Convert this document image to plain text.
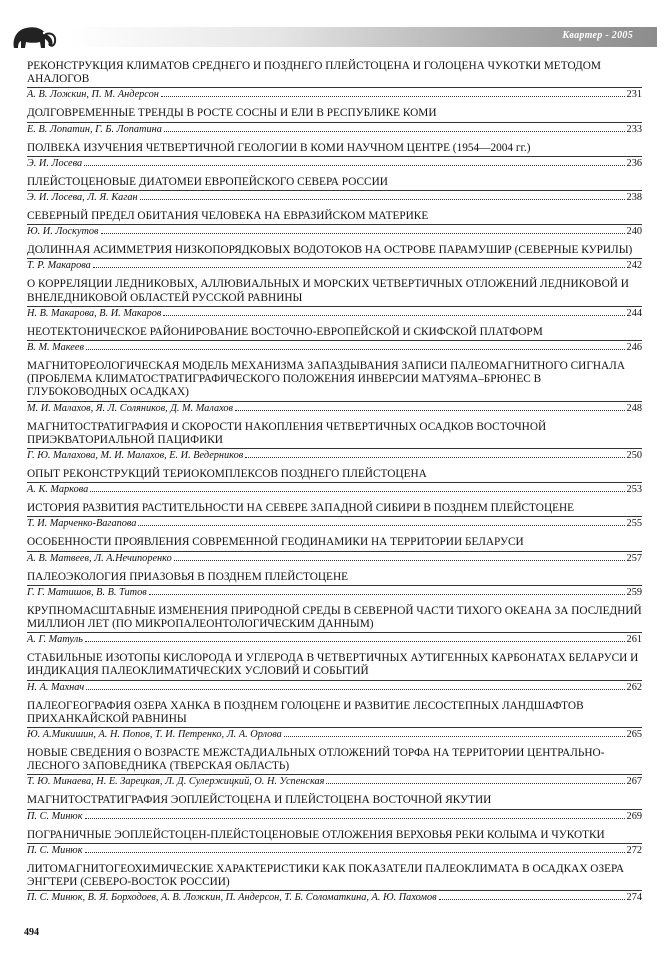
Квартер - 2005
РЕКОНСТРУКЦИЯ КЛИМАТОВ СРЕДНЕГО И ПОЗДНЕГО ПЛЕЙСТОЦЕНА И ГОЛОЦЕНА ЧУКОТКИ МЕТОДОМ АНАЛОГОВ
А. В. Ложкин, П. М. Андерсон	231
ДОЛГОВРЕМЕННЫЕ ТРЕНДЫ В РОСТЕ СОСНЫ И ЕЛИ В РЕСПУБЛИКЕ КОМИ
Е. В. Лопатин, Г. Б. Лопатина	233
ПОЛВЕКА ИЗУЧЕНИЯ ЧЕТВЕРТИЧНОЙ ГЕОЛОГИИ В КОМИ НАУЧНОМ ЦЕНТРЕ (1954—2004 гг.)
Э. И. Лосева	236
ПЛЕЙСТОЦЕНОВЫЕ ДИАТОМЕИ ЕВРОПЕЙСКОГО СЕВЕРА РОССИИ
Э. И. Лосева, Л. Я. Каган	238
СЕВЕРНЫЙ ПРЕДЕЛ ОБИТАНИЯ ЧЕЛОВЕКА НА ЕВРАЗИЙСКОМ МАТЕРИКЕ
Ю. И. Лоскутов	240
ДОЛИННАЯ АСИММЕТРИЯ НИЗКОПОРЯДКОВЫХ ВОДОТОКОВ НА ОСТРОВЕ ПАРАМУШИР (СЕВЕРНЫЕ КУРИЛЫ)
Т. Р. Макарова	242
О КОРРЕЛЯЦИИ ЛЕДНИКОВЫХ, АЛЛЮВИАЛЬНЫХ И МОРСКИХ ЧЕТВЕРТИЧНЫХ ОТЛОЖЕНИЙ ЛЕДНИКОВОЙ И ВНЕЛЕДНИКОВОЙ ОБЛАСТЕЙ РУССКОЙ РАВНИНЫ
Н. В. Макарова, В. И. Макаров	244
НЕОТЕКТОНИЧЕСКОЕ РАЙОНИРОВАНИЕ ВОСТОЧНО-ЕВРОПЕЙСКОЙ И СКИФСКОЙ ПЛАТФОРМ
В. М. Макеев	246
МАГНИТОРЕОЛОГИЧЕСКАЯ МОДЕЛЬ МЕХАНИЗМА ЗАПАЗДЫВАНИЯ ЗАПИСИ ПАЛЕОМАГНИТНОГО СИГНАЛА (ПРОБЛЕМА КЛИМАТОСТРАТИГРАФИЧЕСКОГО ПОЛОЖЕНИЯ ИНВЕРСИИ МАТУЯМА–БРЮНЕС В ГЛУБОКОВОДНЫХ ОСАДКАХ)
М. И. Малахов, Я. Л. Соляников, Д. М. Малахов	248
МАГНИТОСТРАТИГРАФИЯ И СКОРОСТИ НАКОПЛЕНИЯ ЧЕТВЕРТИЧНЫХ ОСАДКОВ ВОСТОЧНОЙ ПРИЭКВАТОРИАЛЬНОЙ ПАЦИФИКИ
Г. Ю. Малахова, М. И. Малахов, Е. И. Ведерников	250
ОПЫТ РЕКОНСТРУКЦИЙ ТЕРИОКОМПЛЕКСОВ ПОЗДНЕГО ПЛЕЙСТОЦЕНА
А. К. Маркова	253
ИСТОРИЯ РАЗВИТИЯ РАСТИТЕЛЬНОСТИ НА СЕВЕРЕ ЗАПАДНОЙ СИБИРИ В ПОЗДНЕМ ПЛЕЙСТОЦЕНЕ
Т. И. Марченко-Вагапова	255
ОСОБЕННОСТИ ПРОЯВЛЕНИЯ СОВРЕМЕННОЙ ГЕОДИНАМИКИ НА ТЕРРИТОРИИ БЕЛАРУСИ
А. В. Матвеев, Л. А.Нечипоренко	257
ПАЛЕОЭКОЛОГИЯ ПРИАЗОВЬЯ В ПОЗДНЕМ ПЛЕЙСТОЦЕНЕ
Г. Г. Матишов, В. В. Титов	259
КРУПНОМАСШТАБНЫЕ ИЗМЕНЕНИЯ ПРИРОДНОЙ СРЕДЫ В СЕВЕРНОЙ ЧАСТИ ТИХОГО ОКЕАНА ЗА ПОСЛЕДНИЙ МИЛЛИОН ЛЕТ (ПО МИКРОПАЛЕОНТОЛОГИЧЕСКИМ ДАННЫМ)
А. Г. Матуль	261
СТАБИЛЬНЫЕ ИЗОТОПЫ КИСЛОРОДА И УГЛЕРОДА В ЧЕТВЕРТИЧНЫХ АУТИГЕННЫХ КАРБОНАТАХ БЕЛАРУСИ И ИНДИКАЦИЯ ПАЛЕОКЛИМАТИЧЕСКИХ УСЛОВИЙ И СОБЫТИЙ
Н. А. Махнач	262
ПАЛЕОГЕОГРАФИЯ ОЗЕРА ХАНКА В ПОЗДНЕМ ГОЛОЦЕНЕ И РАЗВИТИЕ ЛЕСОСТЕПНЫХ ЛАНДШАФТОВ ПРИХАНКАЙСКОЙ РАВНИНЫ
Ю. А.Микишин, А. Н. Попов, Т. И. Петренко, Л. А. Орлова	265
НОВЫЕ СВЕДЕНИЯ О ВОЗРАСТЕ МЕЖСТАДИАЛЬНЫХ ОТЛОЖЕНИЙ ТОРФА НА ТЕРРИТОРИИ ЦЕНТРАЛЬНО-ЛЕСНОГО ЗАПОВЕДНИКА (ТВЕРСКАЯ ОБЛАСТЬ)
Т. Ю. Минаева, Н. Е. Зарецкая, Л. Д. Сулержицкий, О. Н. Успенская	267
МАГНИТОСТРАТИГРАФИЯ ЭОПЛЕЙСТОЦЕНА И ПЛЕЙСТОЦЕНА ВОСТОЧНОЙ ЯКУТИИ
П. С. Минюк	269
ПОГРАНИЧНЫЕ ЭОПЛЕЙСТОЦЕН-ПЛЕЙСТОЦЕНОВЫЕ ОТЛОЖЕНИЯ ВЕРХОВЬЯ РЕКИ КОЛЫМА И ЧУКОТКИ
П. С. Минюк	272
ЛИТОМАГНИТОГЕОХИМИЧЕСКИЕ ХАРАКТЕРИСТИКИ КАК ПОКАЗАТЕЛИ ПАЛЕОКЛИМАТА В ОСАДКАХ ОЗЕРА ЭНГТЕРИ (СЕВЕРО-ВОСТОК РОССИИ)
П. С. Минюк, В. Я. Борходоев, А. В. Ложкин, П. Андерсон, Т. Б. Соломаткина, А. Ю. Пахомов	274
494
